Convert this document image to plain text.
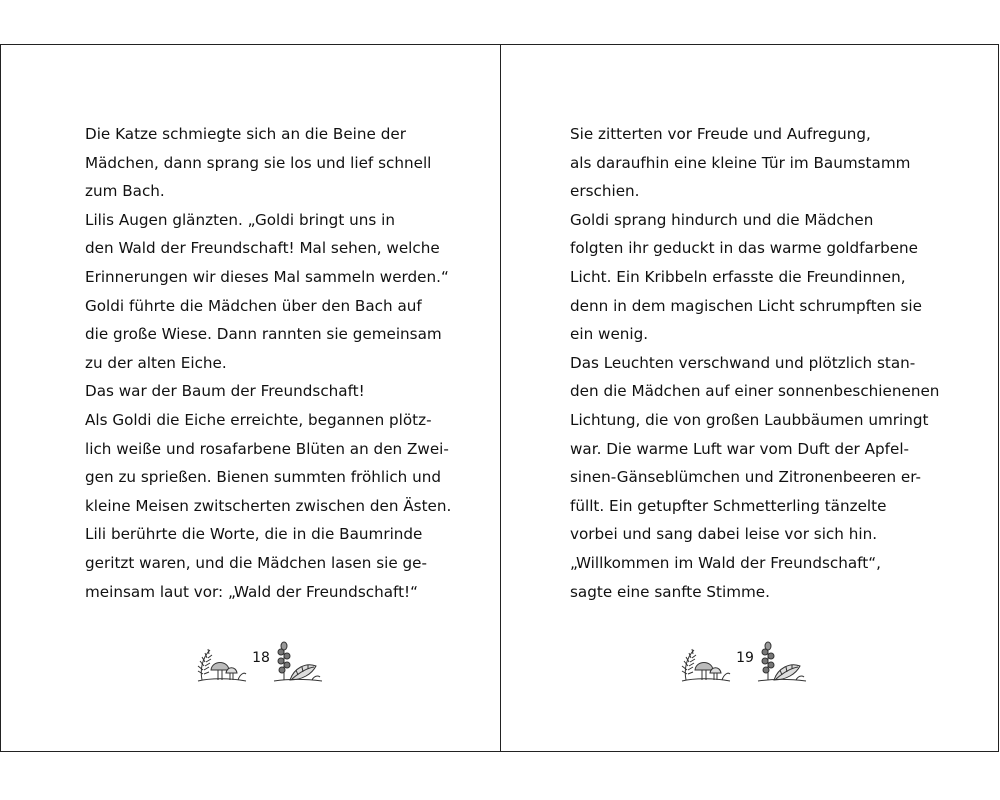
Die Katze schmiegte sich an die Beine der
Mädchen, dann sprang sie los und lief schnell
zum Bach.
Lilis Augen glänzten. „Goldi bringt uns in
den Wald der Freundschaft! Mal sehen, welche
Erinnerungen wir dieses Mal sammeln werden.“
Goldi führte die Mädchen über den Bach auf
die große Wiese. Dann rannten sie gemeinsam
zu der alten Eiche.
Das war der Baum der Freundschaft!
Als Goldi die Eiche erreichte, begannen plötz-
lich weiße und rosafarbene Blüten an den Zwei-
gen zu sprießen. Bienen summten fröhlich und
kleine Meisen zwitscherten zwischen den Ästen.
Lili berührte die Worte, die in die Baumrinde
geritzt waren, und die Mädchen lasen sie ge-
meinsam laut vor: „Wald der Freundschaft!“
Sie zitterten vor Freude und Aufregung,
als daraufhin eine kleine Tür im Baumstamm
erschien.
Goldi sprang hindurch und die Mädchen
folgten ihr geduckt in das warme goldfarbene
Licht. Ein Kribbeln erfasste die Freundinnen,
denn in dem magischen Licht schrumpften sie
ein wenig.
Das Leuchten verschwand und plötzlich stan-
den die Mädchen auf einer sonnenbeschienenen
Lichtung, die von großen Laubbäumen umringt
war. Die warme Luft war vom Duft der Apfel-
sinen-Gänseblümchen und Zitronenbeeren er-
füllt. Ein getupfter Schmetterling tänzelte
vorbei und sang dabei leise vor sich hin.
„Willkommen im Wald der Freundschaft“,
sagte eine sanfte Stimme.
18	19
